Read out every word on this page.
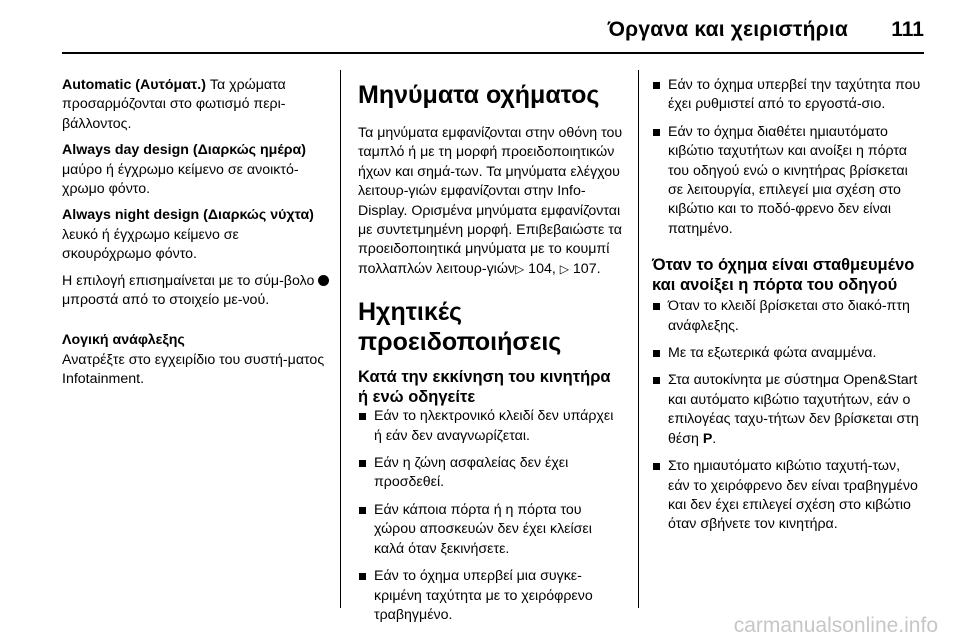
Όργανα και χειριστήρια	111

Automatic (Αυτόματ.) Τα χρώματα προσαρμόζονται στο φωτισμό περι-βάλλοντος.

Always day design (Διαρκώς ημέρα) μαύρο ή έγχρωμο κείμενο σε ανοικτό-χρωμο φόντο.

Always night design (Διαρκώς νύχτα) λευκό ή έγχρωμο κείμενο σε σκουρόχρωμο φόντο.

Η επιλογή επισημαίνεται με το σύμ-βολο  μπροστά από το στοιχείο με-νού.

Λογική ανάφλεξης

Ανατρέξτε στο εγχειρίδιο του συστή-ματος Infotainment.

Μηνύματα οχήματος

Τα μηνύματα εμφανίζονται στην οθόνη του ταμπλό ή με τη μορφή προειδοποιητικών ήχων και σημά-των. Τα μηνύματα ελέγχου λειτουρ-γιών εμφανίζονται στην Info-Display. Ορισμένα μηνύματα εμφανίζονται με συντετμημένη μορφή. Επιβεβαιώστε τα προειδοποιητικά μηνύματα με το κουμπί πολλαπλών λειτουρ-γιών▷ 104, ▷ 107.

Ηχητικές προειδοποιήσεις
Κατά την εκκίνηση του κινητήρα ή ενώ οδηγείτε
Εάν το ηλεκτρονικό κλειδί δεν υπάρχει ή εάν δεν αναγνωρίζεται.
Εάν η ζώνη ασφαλείας δεν έχει προσδεθεί.
Εάν κάποια πόρτα ή η πόρτα του χώρου αποσκευών δεν έχει κλείσει καλά όταν ξεκινήσετε.
Εάν το όχημα υπερβεί μια συγκε-κριμένη ταχύτητα με το χειρόφρενο τραβηγμένο.
Εάν το όχημα υπερβεί την ταχύτητα που έχει ρυθμιστεί από το εργοστά-σιο.
Εάν το όχημα διαθέτει ημιαυτόματο κιβώτιο ταχυτήτων και ανοίξει η πόρτα του οδηγού ενώ ο κινητήρας βρίσκεται σε λειτουργία, επιλεγεί μια σχέση στο κιβώτιο και το ποδό-φρενο δεν είναι πατημένο.
Όταν το όχημα είναι σταθμευμένο και ανοίξει η πόρτα του οδηγού
Όταν το κλειδί βρίσκεται στο διακό-πτη ανάφλεξης.
Με τα εξωτερικά φώτα αναμμένα.
Στα αυτοκίνητα με σύστημα Open&Start και αυτόματο κιβώτιο ταχυτήτων, εάν ο επιλογέας ταχυ-τήτων δεν βρίσκεται στη θέση P.
Στο ημιαυτόματο κιβώτιο ταχυτή-των, εάν το χειρόφρενο δεν είναι τραβηγμένο και δεν έχει επιλεγεί σχέση στο κιβώτιο όταν σβήνετε τον κινητήρα.
carmanualsonline.info
